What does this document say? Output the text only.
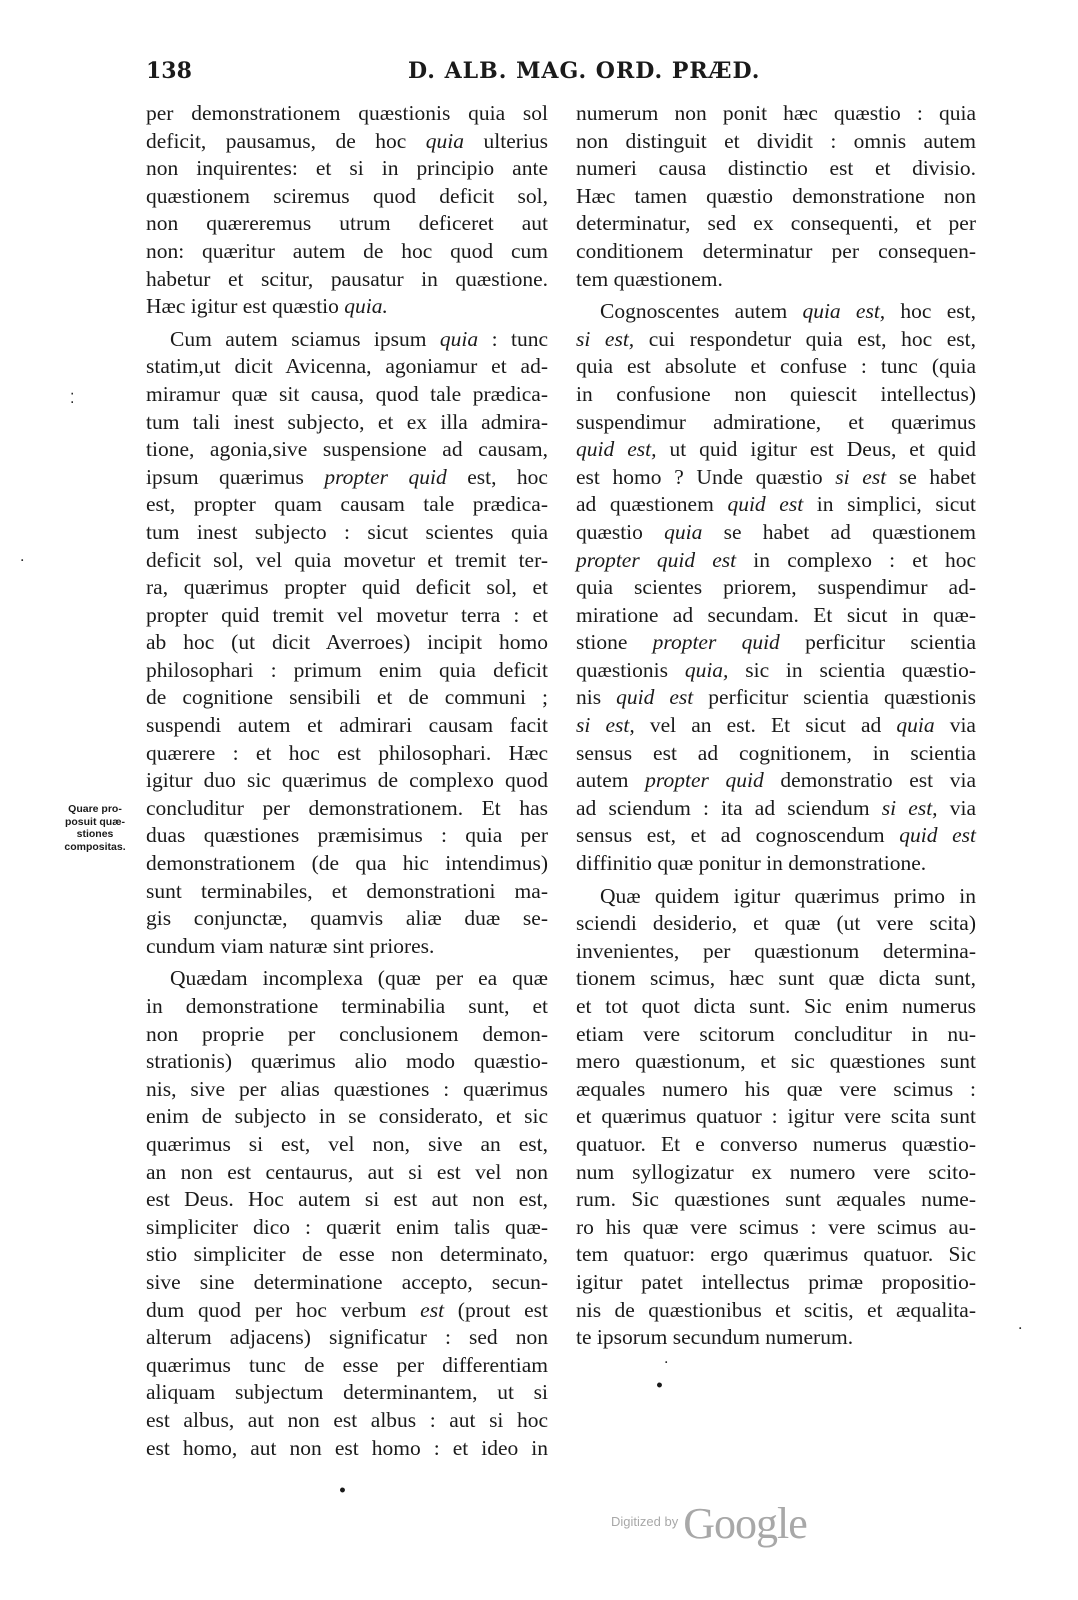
138	D. ALB. MAG. ORD. PRÆD.
Quare pro- posuit quæ- stiones compositas.

per demonstrationem quæstionis quia sol

deficit, pausamus, de hoc quia ulterius

non inquirentes: et si in principio ante

quæstionem sciremus quod deficit sol,

non quæreremus utrum deficeret aut

non: quæritur autem de hoc quod cum

habetur et scitur, pausatur in quæstione.

Hæc igitur est quæstio quia.

Cum autem sciamus ipsum quia : tunc

statim,ut dicit Avicenna, agoniamur et ad-

miramur quæ sit causa, quod tale prædica-

tum tali inest subjecto, et ex illa admira-

tione, agonia,sive suspensione ad causam,

ipsum quærimus propter quid est, hoc

est, propter quam causam tale prædica-

tum inest subjecto : sicut scientes quia

deficit sol, vel quia movetur et tremit ter-

ra, quærimus propter quid deficit sol, et

propter quid tremit vel movetur terra : et

ab hoc (ut dicit Averroes) incipit homo

philosophari : primum enim quia deficit

de cognitione sensibili et de communi ;

suspendi autem et admirari causam facit

quærere : et hoc est philosophari. Hæc

igitur duo sic quærimus de complexo quod

concluditur per demonstrationem. Et has

duas quæstiones præmisimus : quia per

demonstrationem (de qua hic intendimus)

sunt terminabiles, et demonstrationi ma-

gis conjunctæ, quamvis aliæ duæ se-

cundum viam naturæ sint priores.

Quædam incomplexa (quæ per ea quæ

in demonstratione terminabilia sunt, et

non proprie per conclusionem demon-

strationis) quærimus alio modo quæstio-

nis, sive per alias quæstiones : quærimus

enim de subjecto in se considerato, et sic

quærimus si est, vel non, sive an est,

an non est centaurus, aut si est vel non

est Deus. Hoc autem si est aut non est,

simpliciter dico : quærit enim talis quæ-

stio simpliciter de esse non determinato,

sive sine determinatione accepto, secun-

dum quod per hoc verbum est (prout est

alterum adjacens) significatur : sed non

quærimus tunc de esse per differentiam

aliquam subjectum determinantem, ut si

est albus, aut non est albus : aut si hoc

est homo, aut non est homo : et ideo in

numerum non ponit hæc quæstio : quia

non distinguit et dividit : omnis autem

numeri causa distinctio est et divisio.

Hæc tamen quæstio demonstratione non

determinatur, sed ex consequenti, et per

conditionem determinatur per consequen-

tem quæstionem.

Cognoscentes autem quia est, hoc est,

si est, cui respondetur quia est, hoc est,

quia est absolute et confuse : tunc (quia

in confusione non quiescit intellectus)

suspendimur admiratione, et quærimus

quid est, ut quid igitur est Deus, et quid

est homo ? Unde quæstio si est se habet

ad quæstionem quid est in simplici, sicut

quæstio quia se habet ad quæstionem

propter quid est in complexo : et hoc

quia scientes priorem, suspendimur ad-

miratione ad secundam. Et sicut in quæ-

stione propter quid perficitur scientia

quæstionis quia, sic in scientia quæstio-

nis quid est perficitur scientia quæstionis

si est, vel an est. Et sicut ad quia via

sensus est ad cognitionem, in scientia

autem propter quid demonstratio est via

ad sciendum : ita ad sciendum si est, via

sensus est, et ad cognoscendum quid est

diffinitio quæ ponitur in demonstratione.

Quæ quidem igitur quærimus primo in

sciendi desiderio, et quæ (ut vere scita)

invenientes, per quæstionum determina-

tionem scimus, hæc sunt quæ dicta sunt,

et tot quot dicta sunt. Sic enim numerus

etiam vere scitorum concluditur in nu-

mero quæstionum, et sic quæstiones sunt

æquales numero his quæ vere scimus :

et quærimus quatuor : igitur vere scita sunt

quatuor. Et e converso numerus quæstio-

num syllogizatur ex numero vere scito-

rum. Sic quæstiones sunt æquales nume-

ro his quæ vere scimus : vere scimus au-

tem quatuor: ergo quærimus quatuor. Sic

igitur patet intellectus primæ propositio-

nis de quæstionibus et scitis, et æqualita-

te ipsorum secundum numerum.

⁚
·
·
·
•
•
$^{Digitized by}$ Google
